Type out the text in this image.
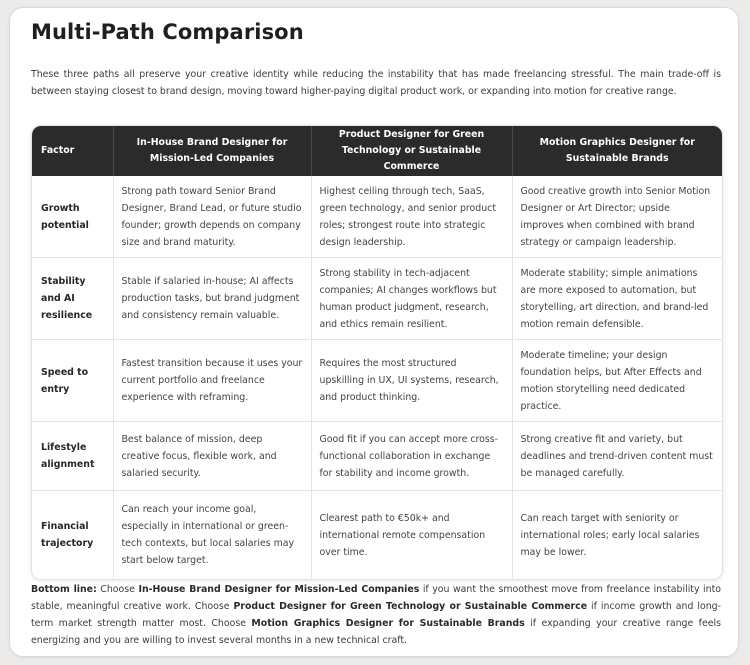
Multi-Path Comparison

These three paths all preserve your creative identity while reducing the instability that has made freelancing stressful. The main trade-off is between staying closest to brand design, moving toward higher-paying digital product work, or expanding into motion for creative range.

Factor	In-House Brand Designer for Mission-Led Companies	Product Designer for Green Technology or Sustainable Commerce	Motion Graphics Designer for Sustainable Brands
Growth potential	Strong path toward Senior Brand Designer, Brand Lead, or future studio founder; growth depends on company size and brand maturity.	Highest ceiling through tech, SaaS, green technology, and senior product roles; strongest route into strategic design leadership.	Good creative growth into Senior Motion Designer or Art Director; upside improves when combined with brand strategy or campaign leadership.
Stability and AI resilience	Stable if salaried in-house; AI affects production tasks, but brand judgment and consistency remain valuable.	Strong stability in tech-adjacent companies; AI changes workflows but human product judgment, research, and ethics remain resilient.	Moderate stability; simple animations are more exposed to automation, but storytelling, art direction, and brand-led motion remain defensible.
Speed to entry	Fastest transition because it uses your current portfolio and freelance experience with reframing.	Requires the most structured upskilling in UX, UI systems, research, and product thinking.	Moderate timeline; your design foundation helps, but After Effects and motion storytelling need dedicated practice.
Lifestyle alignment	Best balance of mission, deep creative focus, flexible work, and salaried security.	Good fit if you can accept more cross-functional collaboration in exchange for stability and income growth.	Strong creative fit and variety, but deadlines and trend-driven content must be managed carefully.
Financial trajectory	Can reach your income goal, especially in international or green-tech contexts, but local salaries may start below target.	Clearest path to €50k+ and international remote compensation over time.	Can reach target with seniority or international roles; early local salaries may be lower.

Bottom line: Choose In-House Brand Designer for Mission-Led Companies if you want the smoothest move from freelance instability into stable, meaningful creative work. Choose Product Designer for Green Technology or Sustainable Commerce if income growth and long-term market strength matter most. Choose Motion Graphics Designer for Sustainable Brands if expanding your creative range feels energizing and you are willing to invest several months in a new technical craft.
